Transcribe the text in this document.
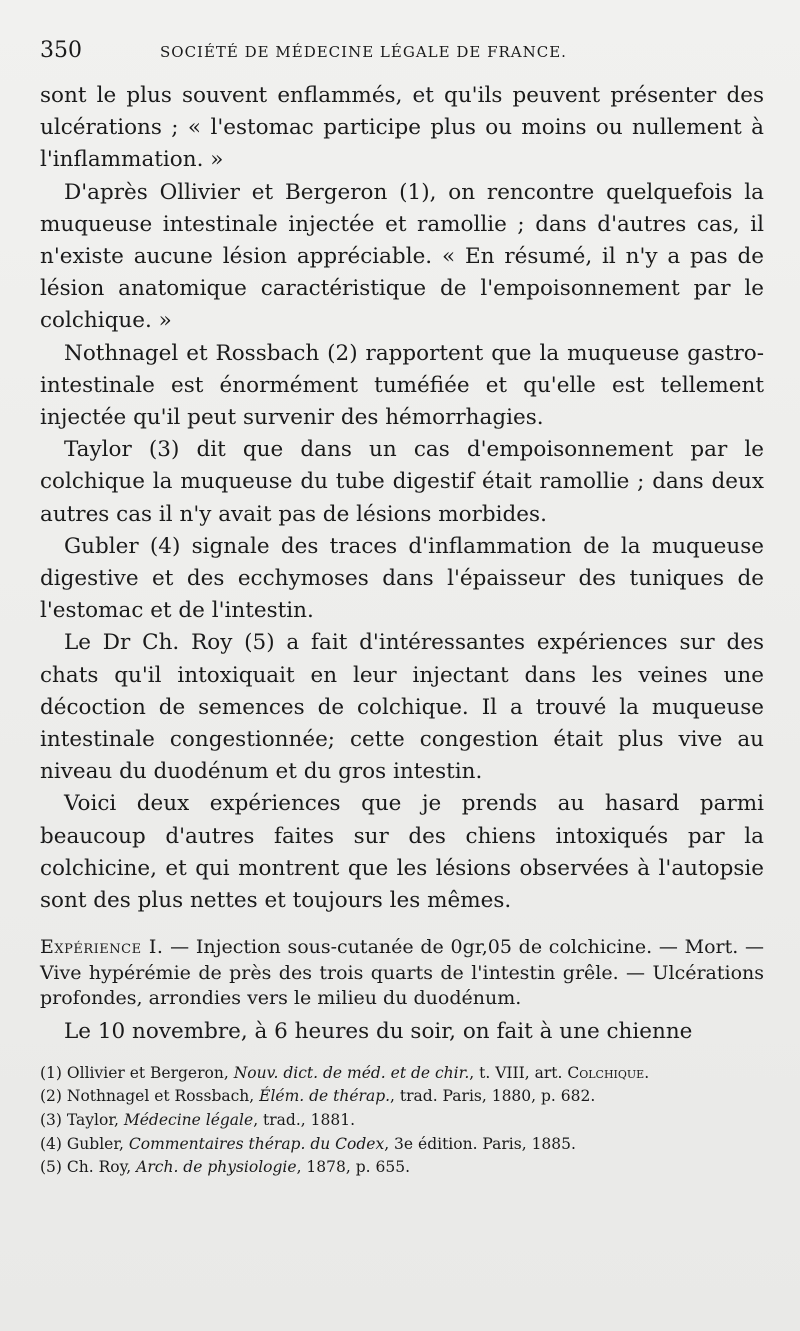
350	SOCIÉTÉ DE MÉDECINE LÉGALE DE FRANCE.

sont le plus souvent enflammés, et qu'ils peuvent présenter des ulcérations ; « l'estomac participe plus ou moins ou nullement à l'inflammation. »

D'après Ollivier et Bergeron (1), on rencontre quelquefois la muqueuse intestinale injectée et ramollie ; dans d'autres cas, il n'existe aucune lésion appréciable. « En résumé, il n'y a pas de lésion anatomique caractéristique de l'empoisonnement par le colchique. »

Nothnagel et Rossbach (2) rapportent que la muqueuse gastro-intestinale est énormément tuméfiée et qu'elle est tellement injectée qu'il peut survenir des hémorrhagies.

Taylor (3) dit que dans un cas d'empoisonnement par le colchique la muqueuse du tube digestif était ramollie ; dans deux autres cas il n'y avait pas de lésions morbides.

Gubler (4) signale des traces d'inflammation de la muqueuse digestive et des ecchymoses dans l'épaisseur des tuniques de l'estomac et de l'intestin.

Le Dr Ch. Roy (5) a fait d'intéressantes expériences sur des chats qu'il intoxiquait en leur injectant dans les veines une décoction de semences de colchique. Il a trouvé la muqueuse intestinale congestionnée; cette congestion était plus vive au niveau du duodénum et du gros intestin.

Voici deux expériences que je prends au hasard parmi beaucoup d'autres faites sur des chiens intoxiqués par la colchicine, et qui montrent que les lésions observées à l'autopsie sont des plus nettes et toujours les mêmes.

Expérience I. — Injection sous-cutanée de 0gr,05 de colchicine. — Mort. — Vive hypérémie de près des trois quarts de l'intestin grêle. — Ulcérations profondes, arrondies vers le milieu du duodénum.

Le 10 novembre, à 6 heures du soir, on fait à une chienne

(1) Ollivier et Bergeron, Nouv. dict. de méd. et de chir., t. VIII, art. Colchique.

(2) Nothnagel et Rossbach, Élém. de thérap., trad. Paris, 1880, p. 682.

(3) Taylor, Médecine légale, trad., 1881.

(4) Gubler, Commentaires thérap. du Codex, 3e édition. Paris, 1885.

(5) Ch. Roy, Arch. de physiologie, 1878, p. 655.
